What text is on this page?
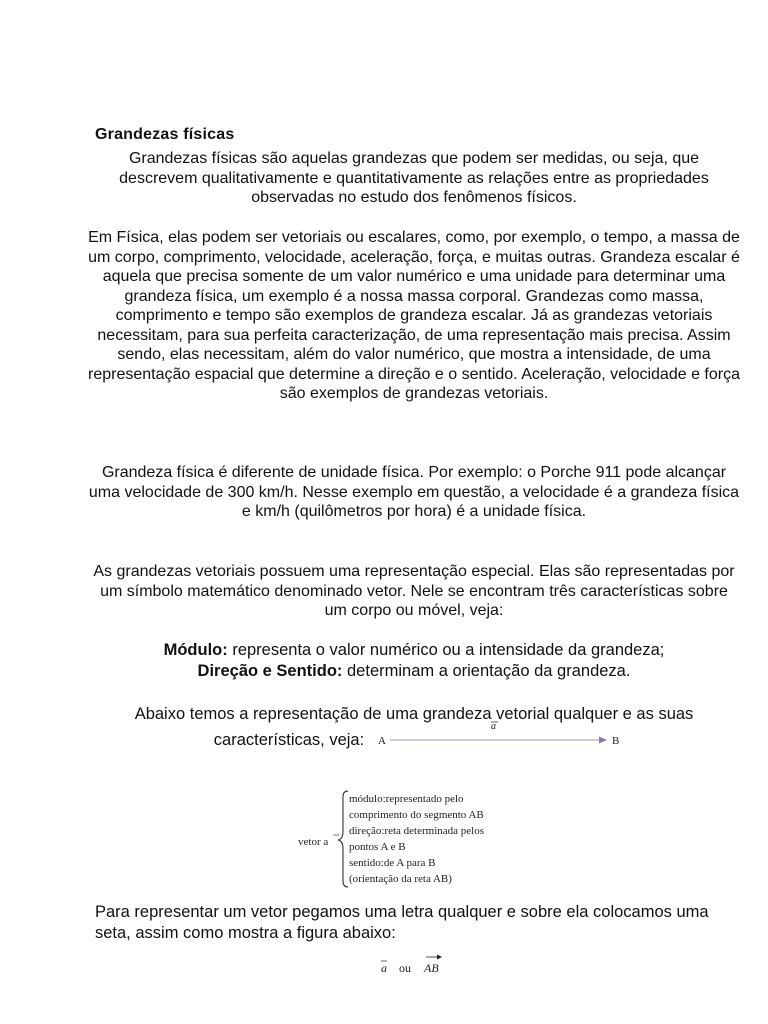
Grandezas físicas

Grandezas físicas são aquelas grandezas que podem ser medidas, ou seja, que descrevem qualitativamente e quantitativamente as relações entre as propriedades observadas no estudo dos fenômenos físicos.

Em Física, elas podem ser vetoriais ou escalares, como, por exemplo, o tempo, a massa de um corpo, comprimento, velocidade, aceleração, força, e muitas outras. Grandeza escalar é aquela que precisa somente de um valor numérico e uma unidade para determinar uma grandeza física, um exemplo é a nossa massa corporal. Grandezas como massa, comprimento e tempo são exemplos de grandeza escalar. Já as grandezas vetoriais necessitam, para sua perfeita caracterização, de uma representação mais precisa. Assim sendo, elas necessitam, além do valor numérico, que mostra a intensidade, de uma representação espacial que determine a direção e o sentido. Aceleração, velocidade e força são exemplos de grandezas vetoriais.

Grandeza física é diferente de unidade física. Por exemplo: o Porche 911 pode alcançar uma velocidade de 300 km/h. Nesse exemplo em questão, a velocidade é a grandeza física e km/h (quilômetros por hora) é a unidade física.

As grandezas vetoriais possuem uma representação especial. Elas são representadas por um símbolo matemático denominado vetor. Nele se encontram três características sobre um corpo ou móvel, veja:

Módulo: representa o valor numérico ou a intensidade da grandeza;
Direção e Sentido: determinam a orientação da grandeza.

Abaixo temos a representação de uma grandeza vetorial qualquer e as suas
características, veja:	A
a
B
vetor a
módulo:representado pelo
comprimento do segmento AB
direção:reta determinada pelos
pontos A e B
sentido:de A para B
(orientação da reta AB)

Para representar um vetor pegamos uma letra qualquer e sobre ela colocamos uma seta, assim como mostra a figura abaixo:

a ou AB
